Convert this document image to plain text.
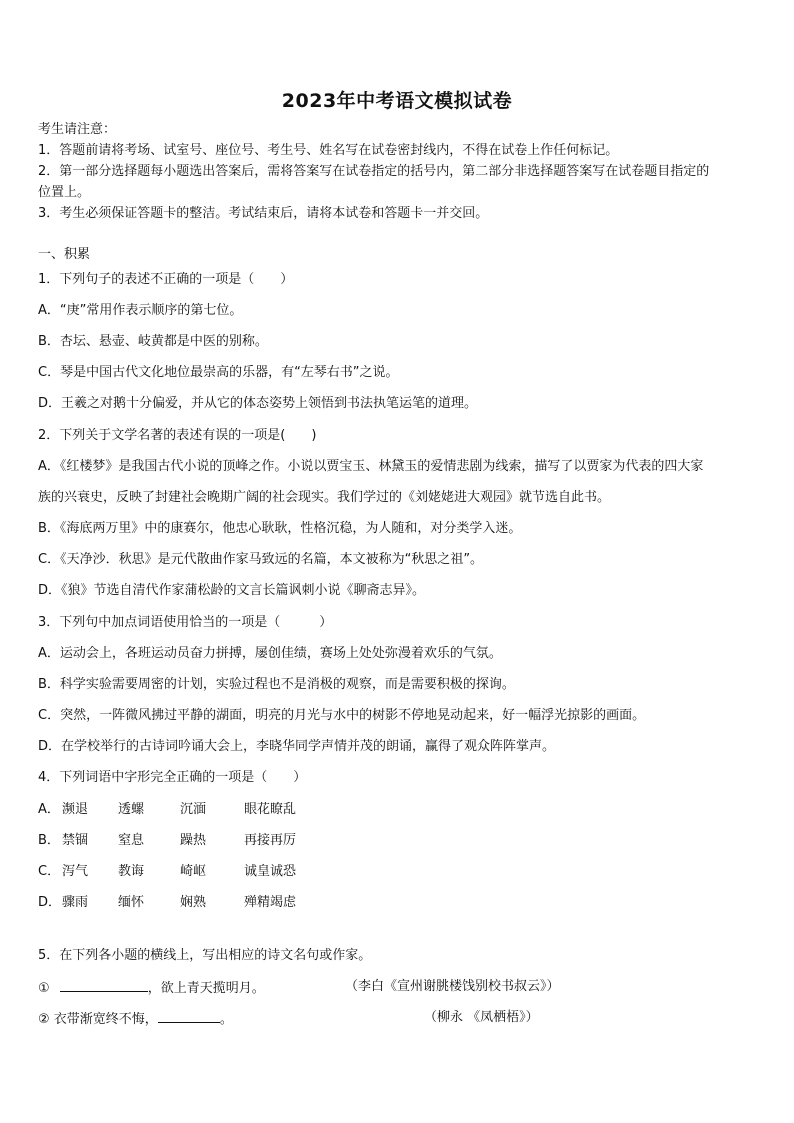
2023年中考语文模拟试卷
考生请注意：
1．答题前请将考场、试室号、座位号、考生号、姓名写在试卷密封线内，不得在试卷上作任何标记。
2．第一部分选择题每小题选出答案后，需将答案写在试卷指定的括号内，第二部分非选择题答案写在试卷题目指定的
位置上。
3．考生必须保证答题卡的整洁。考试结束后，请将本试卷和答题卡一并交回。
一、积累
1．下列句子的表述不正确的一项是（　　）
A．“庚”常用作表示顺序的第七位。
B．杏坛、悬壶、岐黄都是中医的别称。
C．琴是中国古代文化地位最崇高的乐器，有“左琴右书”之说。
D．王羲之对鹅十分偏爱，并从它的体态姿势上领悟到书法执笔运笔的道理。
2．下列关于文学名著的表述有误的一项是(　　)
A．《红楼梦》是我国古代小说的顶峰之作。小说以贾宝玉、林黛玉的爱情悲剧为线索，描写了以贾家为代表的四大家
族的兴衰史，反映了封建社会晚期广阔的社会现实。我们学过的《刘姥姥进大观园》就节选自此书。
B．《海底两万里》中的康赛尔，他忠心耿耿，性格沉稳，为人随和，对分类学入迷。
C．《天净沙．秋思》是元代散曲作家马致远的名篇，本文被称为“秋思之祖”。
D．《狼》节选自清代作家蒲松龄的文言长篇讽刺小说《聊斋志异》。
3．下列句中加点词语使用恰当的一项是（　　　）
A．运动会上，各班运动员奋力拼搏，屡创佳绩，赛场上处处弥漫着欢乐的气氛。
B．科学实验需要周密的计划，实验过程也不是消极的观察，而是需要积极的探询。
C．突然，一阵微风拂过平静的湖面，明亮的月光与水中的树影不停地晃动起来，好一幅浮光掠影的画面。
D．在学校举行的古诗词吟诵大会上，李晓华同学声情并茂的朗诵，赢得了观众阵阵掌声。
4．下列词语中字形完全正确的一项是（　　）
A． 濒退 透螺	沉湎	眼花瞭乱
B． 禁锢 窒息	躁热	再接再厉
C． 泻气 教诲	崎岖	诚皇诚恐
D． 骤雨 缅怀	娴熟	殚精竭虑
5．在下列各小题的横线上，写出相应的诗文名句或作家。
①	，欲上青天揽明月。	（李白《宣州谢朓楼饯别校书叔云》）
② 衣带渐宽终不悔，	。	（柳永 《凤栖梧》）
